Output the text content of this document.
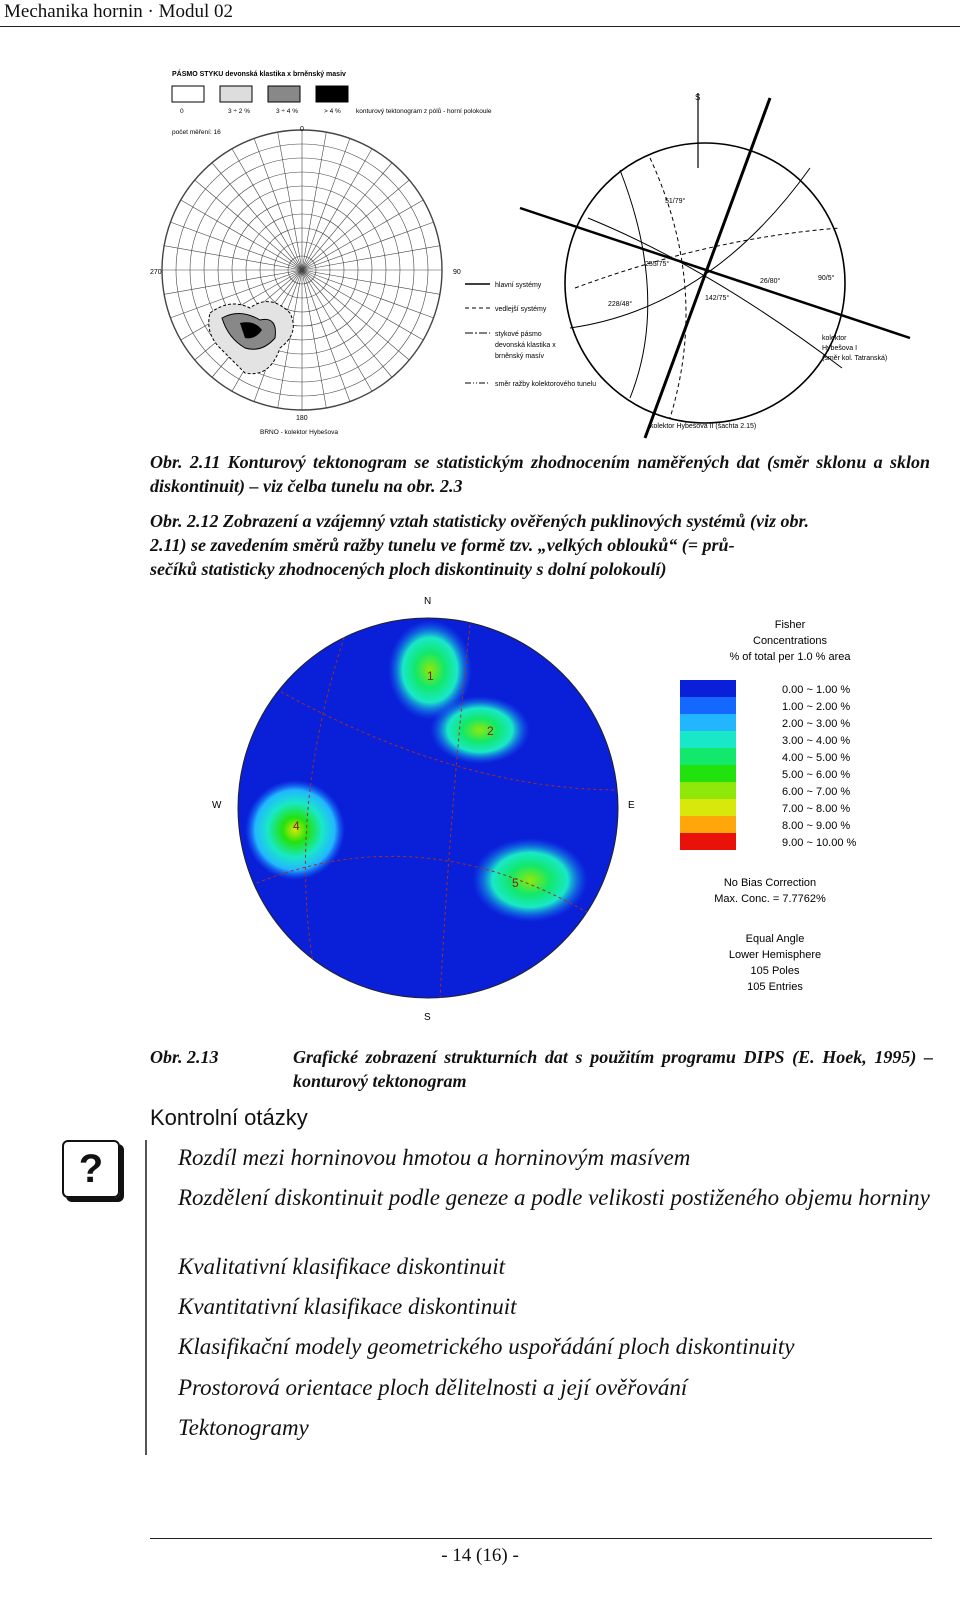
Mechanika hornin · Modul 02
PÁSMO STYKU devonská klastika x brněnský masiv
0	3 ÷ 2 %	3 ÷ 4 %	> 4 % konturový tektonogram z pólů - horní polokoule
počet měření: 16	0
90
180
270
BRNO - kolektor Hybešova
hlavní systémy
vedlejší systémy
stykové pásmo
devonská klastika x
brněnský masív
směr ražby kolektorového tunelu
S
51/79°
255/75°
26/80°	90/5°
228/48°
142/75°
kolektor
Hybešova I
(směr kol. Tatranská)
kolektor Hybešova II (šachta 2.15)
Obr. 2.11 Konturový tektonogram se statistickým zhodnocením naměřených dat (směr sklonu a sklon diskontinuit) – viz čelba tunelu na obr. 2.3
Obr. 2.12 Zobrazení a vzájemný vztah statisticky ověřených puklinových systémů (viz obr.
2.11) se zavedením směrů ražby tunelu ve formě tzv. „velkých oblouků“ (= prů-
sečíků statisticky zhodnocených ploch diskontinuity s dolní polokoulí)
1
2
4
5
N
S
W	E
Fisher
Concentrations
% of total per 1.0 % area
0.00 ~ 1.00 %
1.00 ~ 2.00 %
2.00 ~ 3.00 %
3.00 ~ 4.00 %
4.00 ~ 5.00 %
5.00 ~ 6.00 %
6.00 ~ 7.00 %
7.00 ~ 8.00 %
8.00 ~ 9.00 %
9.00 ~ 10.00 %
No Bias Correction
Max. Conc. = 7.7762%
Equal Angle
Lower Hemisphere
105 Poles
105 Entries
Obr. 2.13	Grafické zobrazení strukturních dat s použitím programu DIPS (E. Hoek, 1995) – konturový tektonogram
Kontrolní otázky
?	Rozdíl mezi horninovou hmotou a horninovým masívem
Rozdělení diskontinuit podle geneze a podle velikosti postiženého objemu horniny
Kvalitativní klasifikace diskontinuit
Kvantitativní klasifikace diskontinuit
Klasifikační modely geometrického uspořádání ploch diskontinuity
Prostorová orientace ploch dělitelnosti a její ověřování
Tektonogramy
- 14 (16) -
